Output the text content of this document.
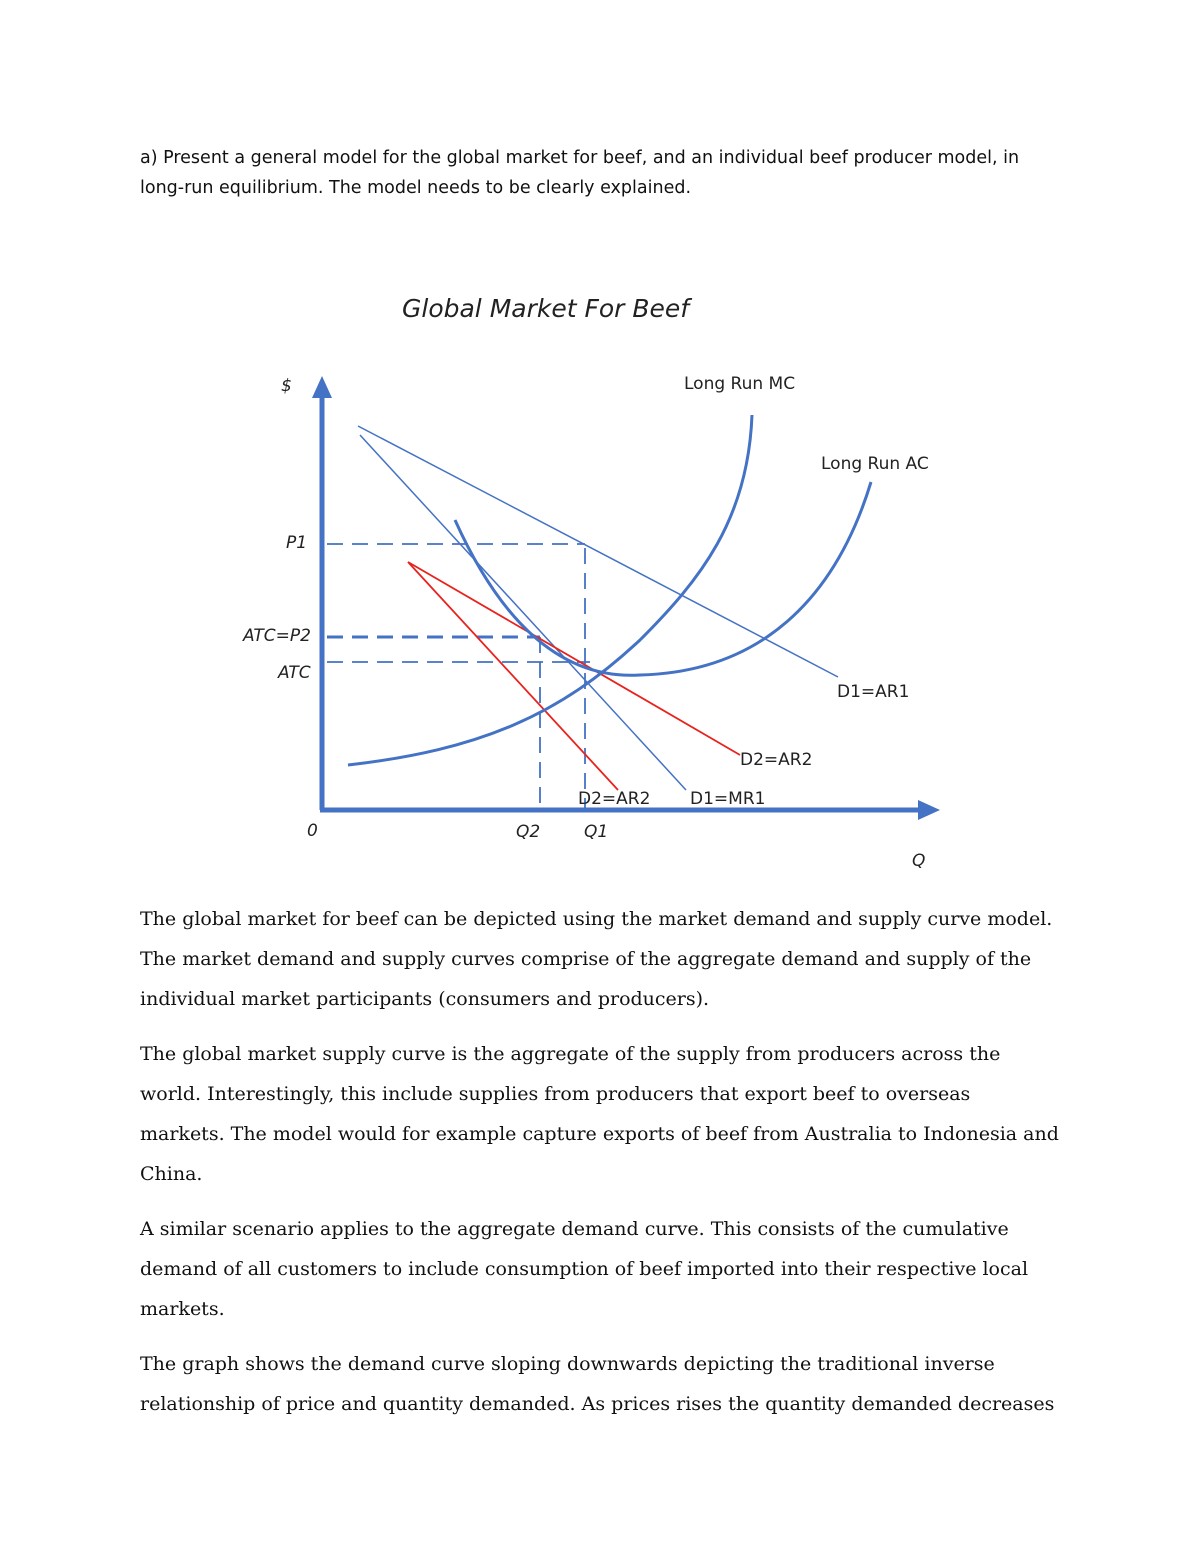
a) Present a general model for the global market for beef, and an individual beef producer model, in long-run equilibrium. The model needs to be clearly explained.
Global Market For Beef
$
Q
0
P1
ATC=P2
ATC
Q2	Q1
Long Run MC
Long Run AC
D1=AR1
D2=AR2
D2=AR2 D1=MR1

The global market for beef can be depicted using the market demand and supply curve model. The market demand and supply curves comprise of the aggregate demand and supply of the individual market participants (consumers and producers).

The global market supply curve is the aggregate of the supply from producers across the world. Interestingly, this include supplies from producers that export beef to overseas markets. The model would for example capture exports of beef from Australia to Indonesia and China.

A similar scenario applies to the aggregate demand curve. This consists of the cumulative demand of all customers to include consumption of beef imported into their respective local markets.

The graph shows the demand curve sloping downwards depicting the traditional inverse relationship of price and quantity demanded. As prices rises the quantity demanded decreases
